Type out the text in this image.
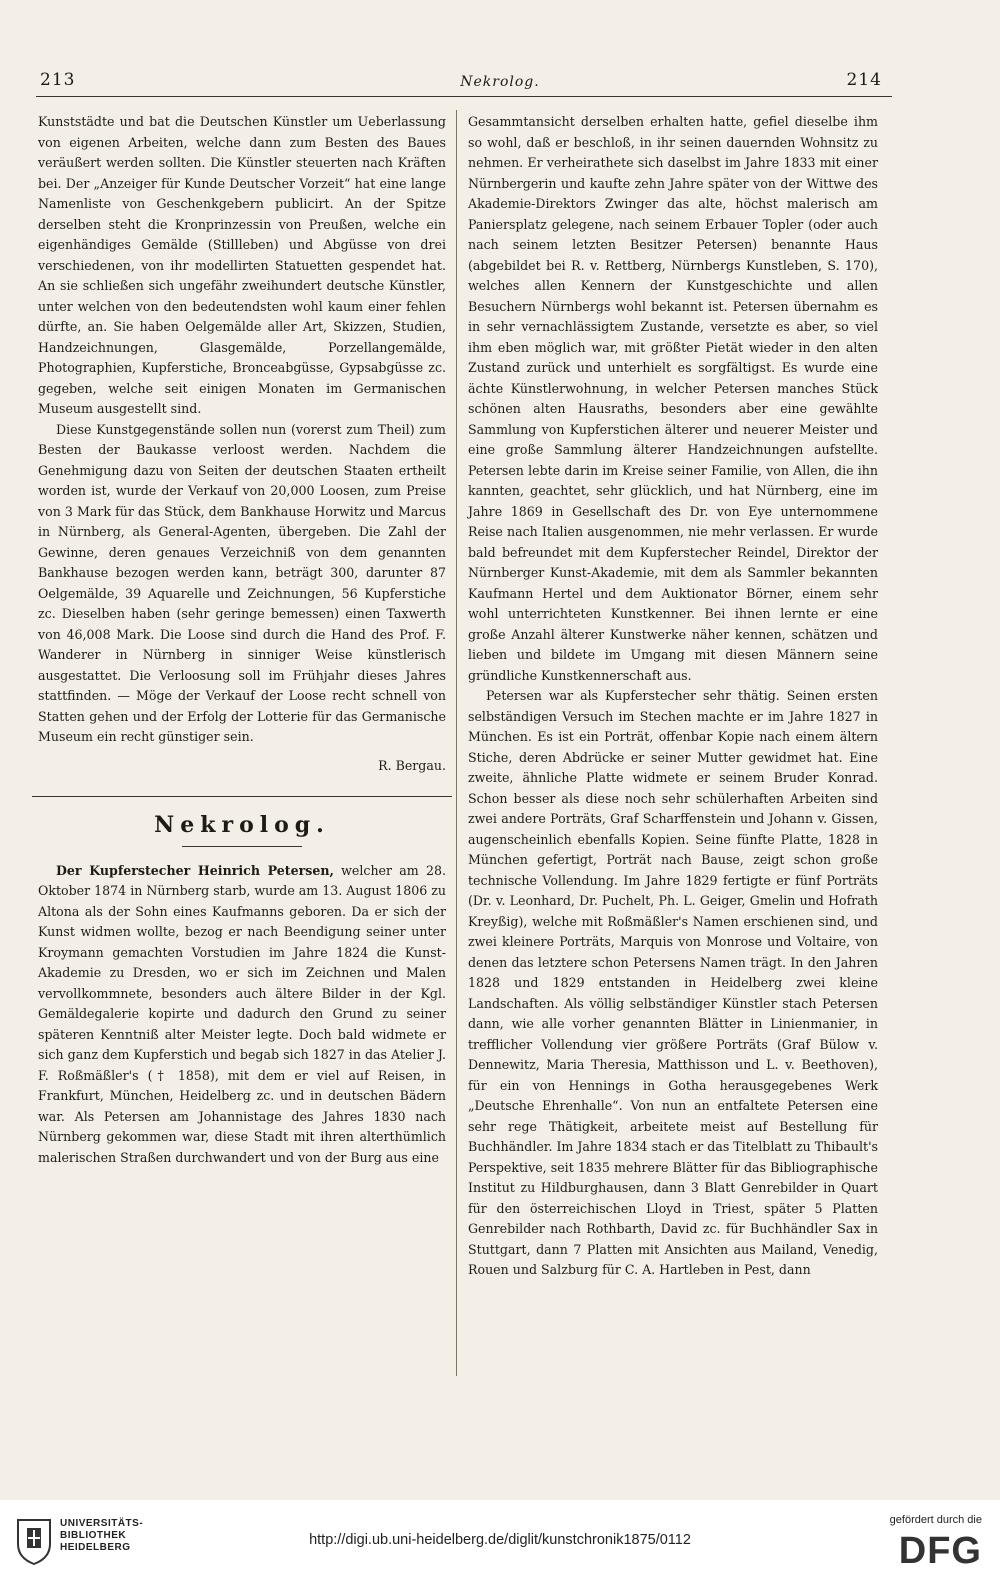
213	Nekrolog.	214

Kunststädte und bat die Deutschen Künstler um Ueberlassung von eigenen Arbeiten, welche dann zum Besten des Baues veräußert werden sollten. Die Künstler steuerten nach Kräften bei. Der „Anzeiger für Kunde Deutscher Vorzeit“ hat eine lange Namenliste von Geschenkgebern publicirt. An der Spitze derselben steht die Kronprinzessin von Preußen, welche ein eigenhändiges Gemälde (Stillleben) und Abgüsse von drei verschiedenen, von ihr modellirten Statuetten gespendet hat. An sie schließen sich ungefähr zweihundert deutsche Künstler, unter welchen von den bedeutendsten wohl kaum einer fehlen dürfte, an. Sie haben Oelgemälde aller Art, Skizzen, Studien, Handzeichnungen, Glasgemälde, Porzellangemälde, Photographien, Kupferstiche, Bronceabgüsse, Gypsabgüsse zc. gegeben, welche seit einigen Monaten im Germanischen Museum ausgestellt sind.

Diese Kunstgegenstände sollen nun (vorerst zum Theil) zum Besten der Baukasse verloost werden. Nachdem die Genehmigung dazu von Seiten der deutschen Staaten ertheilt worden ist, wurde der Verkauf von 20,000 Loosen, zum Preise von 3 Mark für das Stück, dem Bankhause Horwitz und Marcus in Nürnberg, als General-Agenten, übergeben. Die Zahl der Gewinne, deren genaues Verzeichniß von dem genannten Bankhause bezogen werden kann, beträgt 300, darunter 87 Oelgemälde, 39 Aquarelle und Zeichnungen, 56 Kupferstiche zc. Dieselben haben (sehr geringe bemessen) einen Taxwerth von 46,008 Mark. Die Loose sind durch die Hand des Prof. F. Wanderer in Nürnberg in sinniger Weise künstlerisch ausgestattet. Die Verloosung soll im Frühjahr dieses Jahres stattfinden. — Möge der Verkauf der Loose recht schnell von Statten gehen und der Erfolg der Lotterie für das Germanische Museum ein recht günstiger sein.

R. Bergau.
Nekrolog.

Der Kupferstecher Heinrich Petersen, welcher am 28. Oktober 1874 in Nürnberg starb, wurde am 13. August 1806 zu Altona als der Sohn eines Kaufmanns geboren. Da er sich der Kunst widmen wollte, bezog er nach Beendigung seiner unter Kroymann gemachten Vorstudien im Jahre 1824 die Kunst-Akademie zu Dresden, wo er sich im Zeichnen und Malen vervollkommnete, besonders auch ältere Bilder in der Kgl. Gemäldegalerie kopirte und dadurch den Grund zu seiner späteren Kenntniß alter Meister legte. Doch bald widmete er sich ganz dem Kupferstich und begab sich 1827 in das Atelier J. F. Roßmäßler's († 1858), mit dem er viel auf Reisen, in Frankfurt, München, Heidelberg zc. und in deutschen Bädern war. Als Petersen am Johannistage des Jahres 1830 nach Nürnberg gekommen war, diese Stadt mit ihren alterthümlich malerischen Straßen durchwandert und von der Burg aus eine

Gesammtansicht derselben erhalten hatte, gefiel dieselbe ihm so wohl, daß er beschloß, in ihr seinen dauernden Wohnsitz zu nehmen. Er verheirathete sich daselbst im Jahre 1833 mit einer Nürnbergerin und kaufte zehn Jahre später von der Wittwe des Akademie-Direktors Zwinger das alte, höchst malerisch am Paniersplatz gelegene, nach seinem Erbauer Topler (oder auch nach seinem letzten Besitzer Petersen) benannte Haus (abgebildet bei R. v. Rettberg, Nürnbergs Kunstleben, S. 170), welches allen Kennern der Kunstgeschichte und allen Besuchern Nürnbergs wohl bekannt ist. Petersen übernahm es in sehr vernachlässigtem Zustande, versetzte es aber, so viel ihm eben möglich war, mit größter Pietät wieder in den alten Zustand zurück und unterhielt es sorgfältigst. Es wurde eine ächte Künstlerwohnung, in welcher Petersen manches Stück schönen alten Hausraths, besonders aber eine gewählte Sammlung von Kupferstichen älterer und neuerer Meister und eine große Sammlung älterer Handzeichnungen aufstellte. Petersen lebte darin im Kreise seiner Familie, von Allen, die ihn kannten, geachtet, sehr glücklich, und hat Nürnberg, eine im Jahre 1869 in Gesellschaft des Dr. von Eye unternommene Reise nach Italien ausgenommen, nie mehr verlassen. Er wurde bald befreundet mit dem Kupferstecher Reindel, Direktor der Nürnberger Kunst-Akademie, mit dem als Sammler bekannten Kaufmann Hertel und dem Auktionator Börner, einem sehr wohl unterrichteten Kunstkenner. Bei ihnen lernte er eine große Anzahl älterer Kunstwerke näher kennen, schätzen und lieben und bildete im Umgang mit diesen Männern seine gründliche Kunstkennerschaft aus.

Petersen war als Kupferstecher sehr thätig. Seinen ersten selbständigen Versuch im Stechen machte er im Jahre 1827 in München. Es ist ein Porträt, offenbar Kopie nach einem ältern Stiche, deren Abdrücke er seiner Mutter gewidmet hat. Eine zweite, ähnliche Platte widmete er seinem Bruder Konrad. Schon besser als diese noch sehr schülerhaften Arbeiten sind zwei andere Porträts, Graf Scharffenstein und Johann v. Gissen, augenscheinlich ebenfalls Kopien. Seine fünfte Platte, 1828 in München gefertigt, Porträt nach Bause, zeigt schon große technische Vollendung. Im Jahre 1829 fertigte er fünf Porträts (Dr. v. Leonhard, Dr. Puchelt, Ph. L. Geiger, Gmelin und Hofrath Kreyßig), welche mit Roßmäßler's Namen erschienen sind, und zwei kleinere Porträts, Marquis von Monrose und Voltaire, von denen das letztere schon Petersens Namen trägt. In den Jahren 1828 und 1829 entstanden in Heidelberg zwei kleine Landschaften. Als völlig selbständiger Künstler stach Petersen dann, wie alle vorher genannten Blätter in Linienmanier, in trefflicher Vollendung vier größere Porträts (Graf Bülow v. Dennewitz, Maria Theresia, Matthisson und L. v. Beethoven), für ein von Hennings in Gotha herausgegebenes Werk „Deutsche Ehrenhalle“. Von nun an entfaltete Petersen eine sehr rege Thätigkeit, arbeitete meist auf Bestellung für Buchhändler. Im Jahre 1834 stach er das Titelblatt zu Thibault's Perspektive, seit 1835 mehrere Blätter für das Bibliographische Institut zu Hildburghausen, dann 3 Blatt Genrebilder in Quart für den österreichischen Lloyd in Triest, später 5 Platten Genrebilder nach Rothbarth, David zc. für Buchhändler Sax in Stuttgart, dann 7 Platten mit Ansichten aus Mailand, Venedig, Rouen und Salzburg für C. A. Hartleben in Pest, dann

UNIVERSITÄTS-
BIBLIOTHEK
HEIDELBERG	http://digi.ub.uni-heidelberg.de/diglit/kunstchronik1875/0112
gefördert durch die
DFG
